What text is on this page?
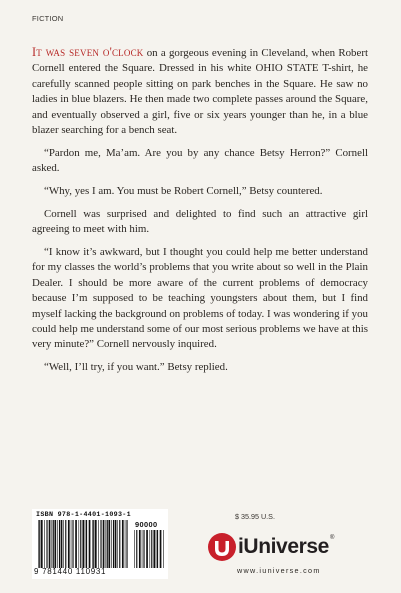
FICTION

It was seven o'clock on a gorgeous evening in Cleveland, when Robert Cornell entered the Square. Dressed in his white OHIO STATE T-shirt, he carefully scanned people sitting on park benches in the Square. He saw no ladies in blue blazers. He then made two complete passes around the Square, and eventually observed a girl, five or six years younger than he, in a blue blazer searching for a bench seat.

“Pardon me, Ma’am. Are you by any chance Betsy Herron?” Cornell asked.

“Why, yes I am. You must be Robert Cornell,” Betsy countered.

Cornell was surprised and delighted to find such an attractive girl agreeing to meet with him.

“I know it’s awkward, but I thought you could help me better understand for my classes the world’s problems that you write about so well in the Plain Dealer. I should be more aware of the current problems of democracy because I’m supposed to be teaching youngsters about them, but I find myself lacking the background on problems of today. I was wondering if you could help me understand some of our most serious problems we have at this very minute?” Cornell nervously inquired.

“Well, I’ll try, if you want.” Betsy replied.

ISBN 978-1-4401-1093-1
90000
9 781440 110931
$ 35.95 U.S.
iUniverse®
www.iuniverse.com
